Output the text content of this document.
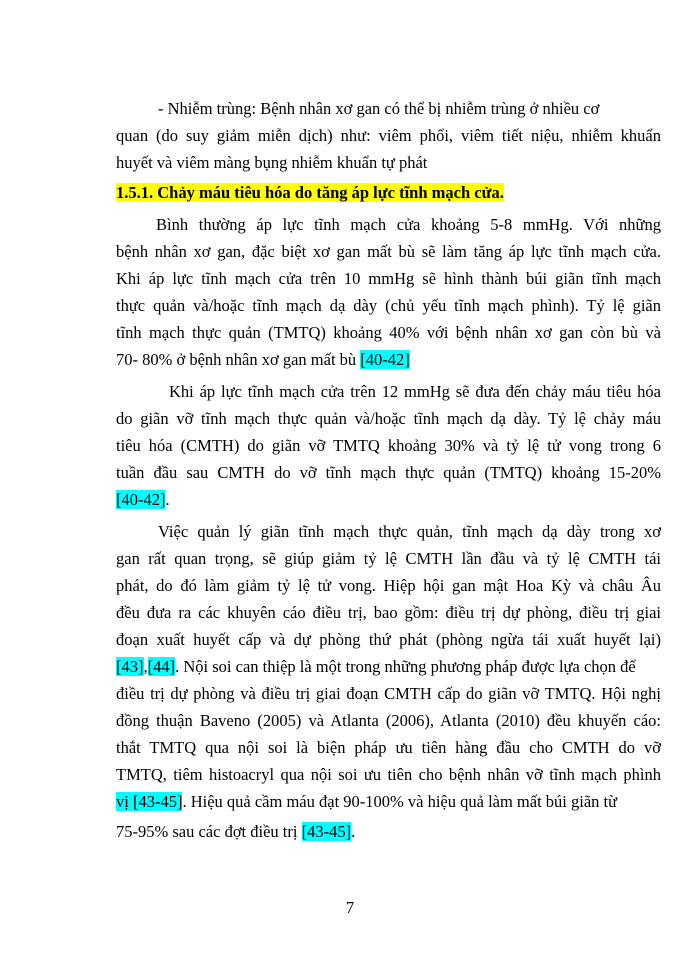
- Nhiễm trùng: Bệnh nhân xơ gan có thể bị nhiễm trùng ở nhiều cơ
quan (do suy giảm miễn dịch) như: viêm phổi, viêm tiết niệu, nhiễm khuẩn
huyết và viêm màng bụng nhiễm khuẩn tự phát
1.5.1. Chảy máu tiêu hóa do tăng áp lực tĩnh mạch cửa.
Bình thường áp lực tĩnh mạch cửa khoảng 5-8 mmHg. Với những
bệnh nhân xơ gan, đặc biệt xơ gan mất bù sẽ làm tăng áp lực tĩnh mạch cửa.
Khi áp lực tĩnh mạch cửa trên 10 mmHg sẽ hình thành búi giãn tĩnh mạch
thực quản và/hoặc tĩnh mạch dạ dày (chủ yếu tĩnh mạch phình). Tỷ lệ giãn
tĩnh mạch thực quản (TMTQ) khoảng 40% với bệnh nhân xơ gan còn bù và
70- 80% ở bệnh nhân xơ gan mất bù [40-42]
Khi áp lực tĩnh mạch cửa trên 12 mmHg sẽ đưa đến chảy máu tiêu hóa
do giãn vỡ tĩnh mạch thực quản và/hoặc tĩnh mạch dạ dày. Tỷ lệ chảy máu
tiêu hóa (CMTH) do giãn vỡ TMTQ khoảng 30% và tỷ lệ tử vong trong 6
tuần đầu sau CMTH do vỡ tĩnh mạch thực quản (TMTQ) khoảng 15-20%
[40-42].
Việc quản lý giãn tĩnh mạch thực quản, tĩnh mạch dạ dày trong xơ
gan rất quan trọng, sẽ giúp giảm tỷ lệ CMTH lần đầu và tỷ lệ CMTH tái
phát, do đó làm giảm tỷ lệ tử vong. Hiệp hội gan mật Hoa Kỳ và châu Âu
đều đưa ra các khuyên cáo điều trị, bao gồm: điều trị dự phòng, điều trị giai
đoạn xuất huyết cấp và dự phòng thứ phát (phòng ngừa tái xuất huyết lại)
[43],[44]. Nội soi can thiệp là một trong những phương pháp được lựa chọn để
điều trị dự phòng và điều trị giai đoạn CMTH cấp do giãn vỡ TMTQ. Hội nghị
đồng thuận Baveno (2005) và Atlanta (2006), Atlanta (2010) đều khuyến cáo:
thắt TMTQ qua nội soi là biện pháp ưu tiên hàng đầu cho CMTH do vỡ
TMTQ, tiêm histoacryl qua nội soi ưu tiên cho bệnh nhân vỡ tĩnh mạch phình
vị [43-45]. Hiệu quả cầm máu đạt 90-100% và hiệu quả làm mất búi giãn từ
75-95% sau các đợt điều trị [43-45].
7
